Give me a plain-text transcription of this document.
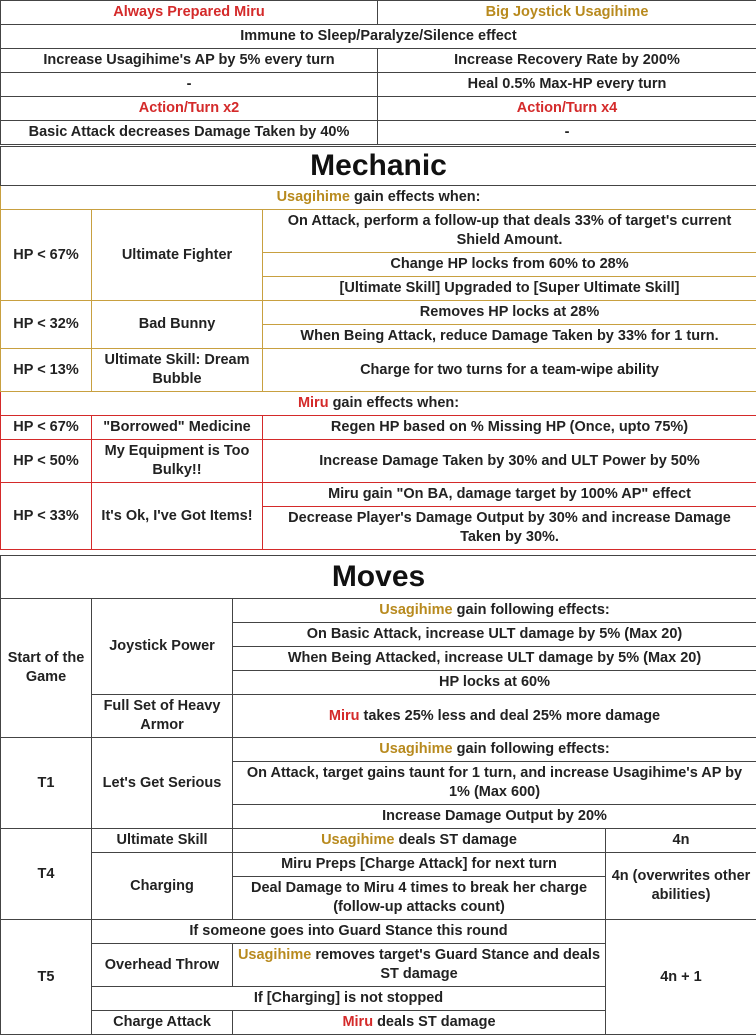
Always Prepared Miru	Big Joystick Usagihime
Immune to Sleep/Paralyze/Silence effect	
Increase Usagihime's AP by 5% every turn	Increase Recovery Rate by 200%
-	Heal 0.5% Max-HP every turn
Action/Turn x2	Action/Turn x4
Basic Attack decreases Damage Taken by 40%	-
Mechanic		
Usagihime gain effects when:		
HP < 67%	Ultimate Fighter	On Attack, perform a follow-up that deals 33% of target's current Shield Amount.
		Change HP locks from 60% to 28%
		[Ultimate Skill] Upgraded to [Super Ultimate Skill]
HP < 32%	Bad Bunny	Removes HP locks at 28%
		When Being Attack, reduce Damage Taken by 33% for 1 turn.
HP < 13%	Ultimate Skill: Dream Bubble	Charge for two turns for a team-wipe ability
Miru gain effects when:		
HP < 67%	"Borrowed" Medicine	Regen HP based on % Missing HP (Once, upto 75%)
HP < 50%	My Equipment is Too Bulky!!	Increase Damage Taken by 30% and ULT Power by 50%
HP < 33%	It's Ok, I've Got Items!	Miru gain "On BA, damage target by 100% AP" effect
		Decrease Player's Damage Output by 30% and increase Damage Taken by 30%.
Moves			
Start of the Game	Joystick Power	Usagihime gain following effects:	
		On Basic Attack, increase ULT damage by 5% (Max 20)	
		When Being Attacked, increase ULT damage by 5% (Max 20)	
		HP locks at 60%	
	Full Set of Heavy Armor	Miru takes 25% less and deal 25% more damage	
T1	Let's Get Serious	Usagihime gain following effects:	
		On Attack, target gains taunt for 1 turn, and increase Usagihime's AP by 1% (Max 600)	
		Increase Damage Output by 20%	
T4	Ultimate Skill	Usagihime deals ST damage	4n
	Charging	Miru Preps [Charge Attack] for next turn	4n (overwrites other abilities)
		Deal Damage to Miru 4 times to break her charge (follow-up attacks count)	
T5	If someone goes into Guard Stance this round		4n + 1
	Overhead Throw	Usagihime removes target's Guard Stance and deals ST damage	
	If [Charging] is not stopped		
	Charge Attack	Miru deals ST damage	
